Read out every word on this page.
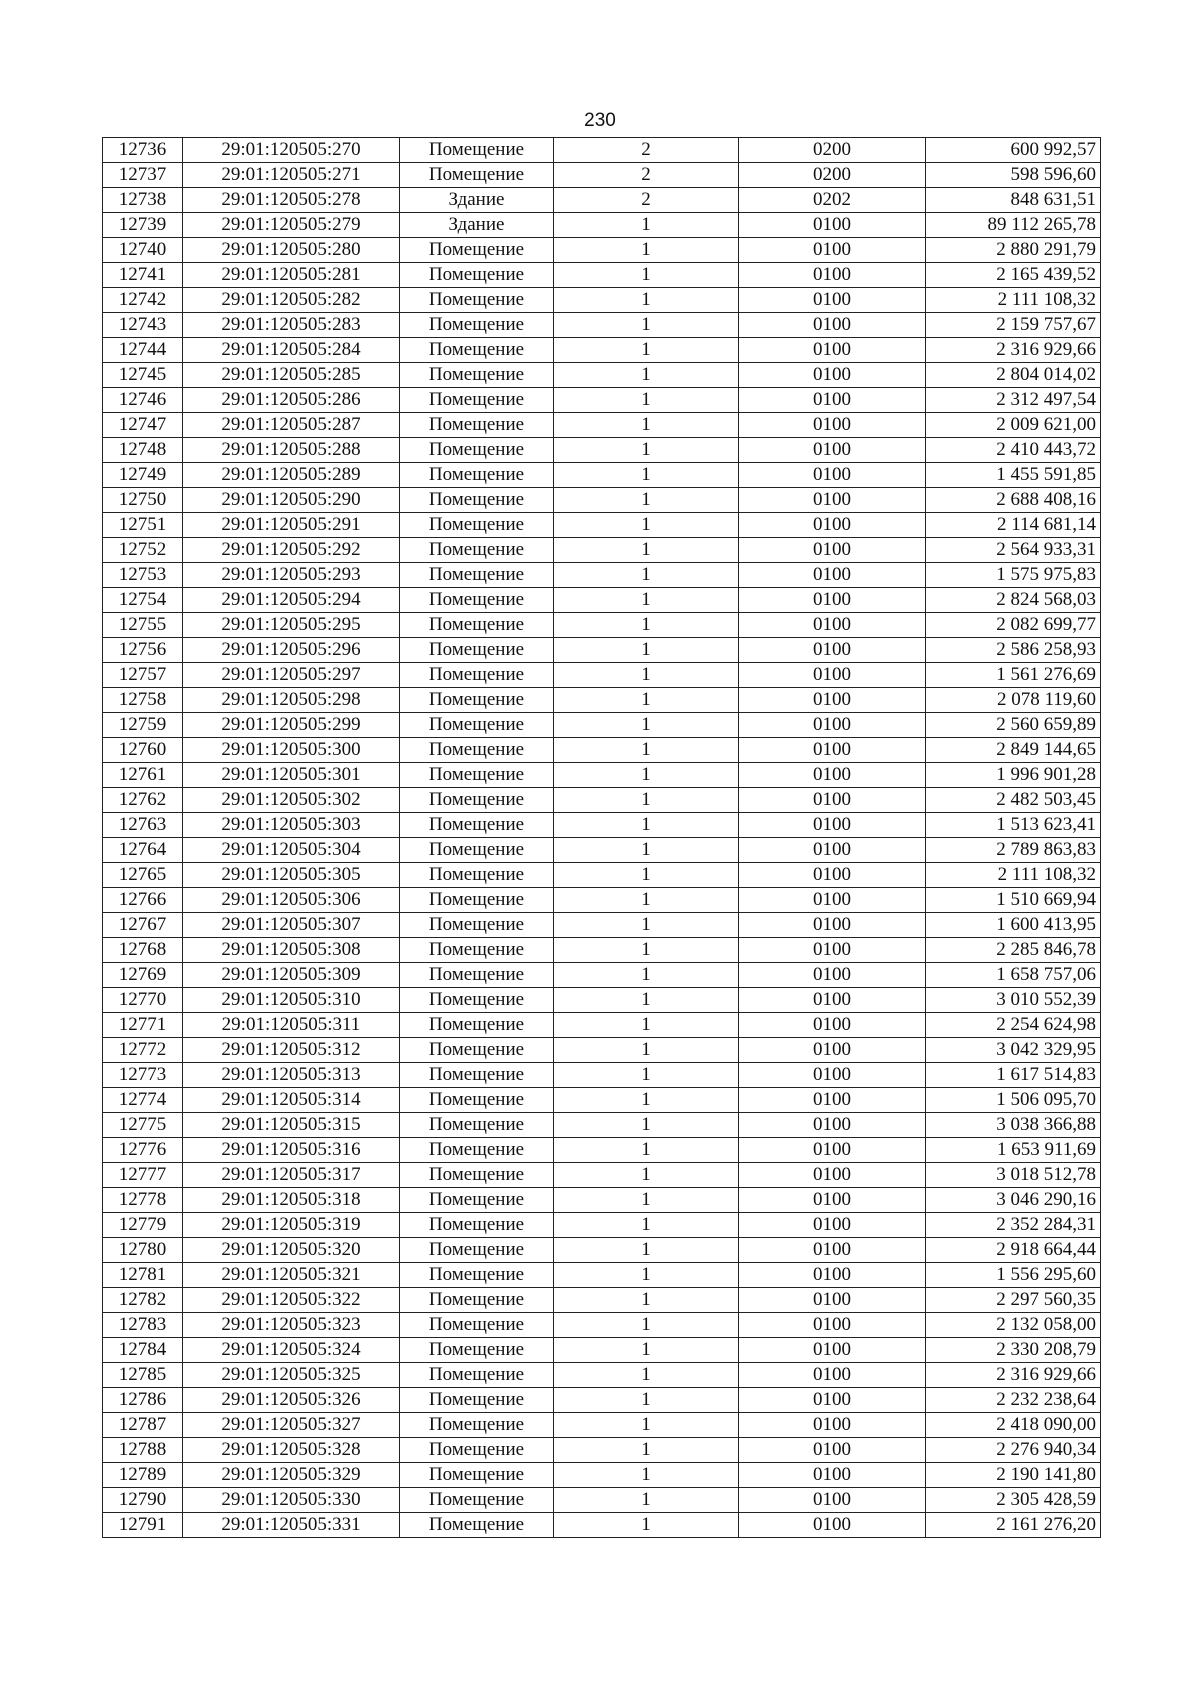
230
12736	29:01:120505:270	Помещение	2	0200	600 992,57
12737	29:01:120505:271	Помещение	2	0200	598 596,60
12738	29:01:120505:278	Здание	2	0202	848 631,51
12739	29:01:120505:279	Здание	1	0100	89 112 265,78
12740	29:01:120505:280	Помещение	1	0100	2 880 291,79
12741	29:01:120505:281	Помещение	1	0100	2 165 439,52
12742	29:01:120505:282	Помещение	1	0100	2 111 108,32
12743	29:01:120505:283	Помещение	1	0100	2 159 757,67
12744	29:01:120505:284	Помещение	1	0100	2 316 929,66
12745	29:01:120505:285	Помещение	1	0100	2 804 014,02
12746	29:01:120505:286	Помещение	1	0100	2 312 497,54
12747	29:01:120505:287	Помещение	1	0100	2 009 621,00
12748	29:01:120505:288	Помещение	1	0100	2 410 443,72
12749	29:01:120505:289	Помещение	1	0100	1 455 591,85
12750	29:01:120505:290	Помещение	1	0100	2 688 408,16
12751	29:01:120505:291	Помещение	1	0100	2 114 681,14
12752	29:01:120505:292	Помещение	1	0100	2 564 933,31
12753	29:01:120505:293	Помещение	1	0100	1 575 975,83
12754	29:01:120505:294	Помещение	1	0100	2 824 568,03
12755	29:01:120505:295	Помещение	1	0100	2 082 699,77
12756	29:01:120505:296	Помещение	1	0100	2 586 258,93
12757	29:01:120505:297	Помещение	1	0100	1 561 276,69
12758	29:01:120505:298	Помещение	1	0100	2 078 119,60
12759	29:01:120505:299	Помещение	1	0100	2 560 659,89
12760	29:01:120505:300	Помещение	1	0100	2 849 144,65
12761	29:01:120505:301	Помещение	1	0100	1 996 901,28
12762	29:01:120505:302	Помещение	1	0100	2 482 503,45
12763	29:01:120505:303	Помещение	1	0100	1 513 623,41
12764	29:01:120505:304	Помещение	1	0100	2 789 863,83
12765	29:01:120505:305	Помещение	1	0100	2 111 108,32
12766	29:01:120505:306	Помещение	1	0100	1 510 669,94
12767	29:01:120505:307	Помещение	1	0100	1 600 413,95
12768	29:01:120505:308	Помещение	1	0100	2 285 846,78
12769	29:01:120505:309	Помещение	1	0100	1 658 757,06
12770	29:01:120505:310	Помещение	1	0100	3 010 552,39
12771	29:01:120505:311	Помещение	1	0100	2 254 624,98
12772	29:01:120505:312	Помещение	1	0100	3 042 329,95
12773	29:01:120505:313	Помещение	1	0100	1 617 514,83
12774	29:01:120505:314	Помещение	1	0100	1 506 095,70
12775	29:01:120505:315	Помещение	1	0100	3 038 366,88
12776	29:01:120505:316	Помещение	1	0100	1 653 911,69
12777	29:01:120505:317	Помещение	1	0100	3 018 512,78
12778	29:01:120505:318	Помещение	1	0100	3 046 290,16
12779	29:01:120505:319	Помещение	1	0100	2 352 284,31
12780	29:01:120505:320	Помещение	1	0100	2 918 664,44
12781	29:01:120505:321	Помещение	1	0100	1 556 295,60
12782	29:01:120505:322	Помещение	1	0100	2 297 560,35
12783	29:01:120505:323	Помещение	1	0100	2 132 058,00
12784	29:01:120505:324	Помещение	1	0100	2 330 208,79
12785	29:01:120505:325	Помещение	1	0100	2 316 929,66
12786	29:01:120505:326	Помещение	1	0100	2 232 238,64
12787	29:01:120505:327	Помещение	1	0100	2 418 090,00
12788	29:01:120505:328	Помещение	1	0100	2 276 940,34
12789	29:01:120505:329	Помещение	1	0100	2 190 141,80
12790	29:01:120505:330	Помещение	1	0100	2 305 428,59
12791	29:01:120505:331	Помещение	1	0100	2 161 276,20
